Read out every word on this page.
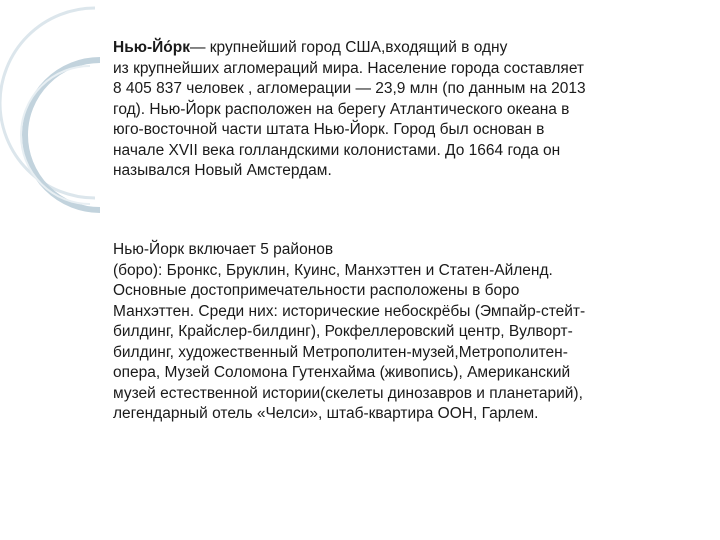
Нью-Йо́рк— крупнейший город США,входящий в одну
из крупнейших агломераций мира. Население города составляет
8 405 837 человек , агломерации — 23,9 млн (по данным на 2013
год). Нью-Йорк расположен на берегу Атлантического океана в
юго-восточной части штата Нью-Йорк. Город был основан в
начале XVII века голландскими колонистами. До 1664 года он
назывался Новый Амстердам.

Нью-Йорк включает 5 районов
(боро): Бронкс, Бруклин, Куинс, Манхэттен и Статен-Айленд.
Основные достопримечательности расположены в боро
Манхэттен. Среди них: исторические небоскрёбы (Эмпайр-стейт-
билдинг, Крайслер-билдинг), Рокфеллеровский центр, Вулворт-
билдинг, художественный Метрополитен-музей,Метрополитен-
опера, Музей Соломона Гутенхайма (живопись), Американский
музей естественной истории(скелеты динозавров и планетарий),
легендарный отель «Челси», штаб-квартира ООН, Гарлем.
